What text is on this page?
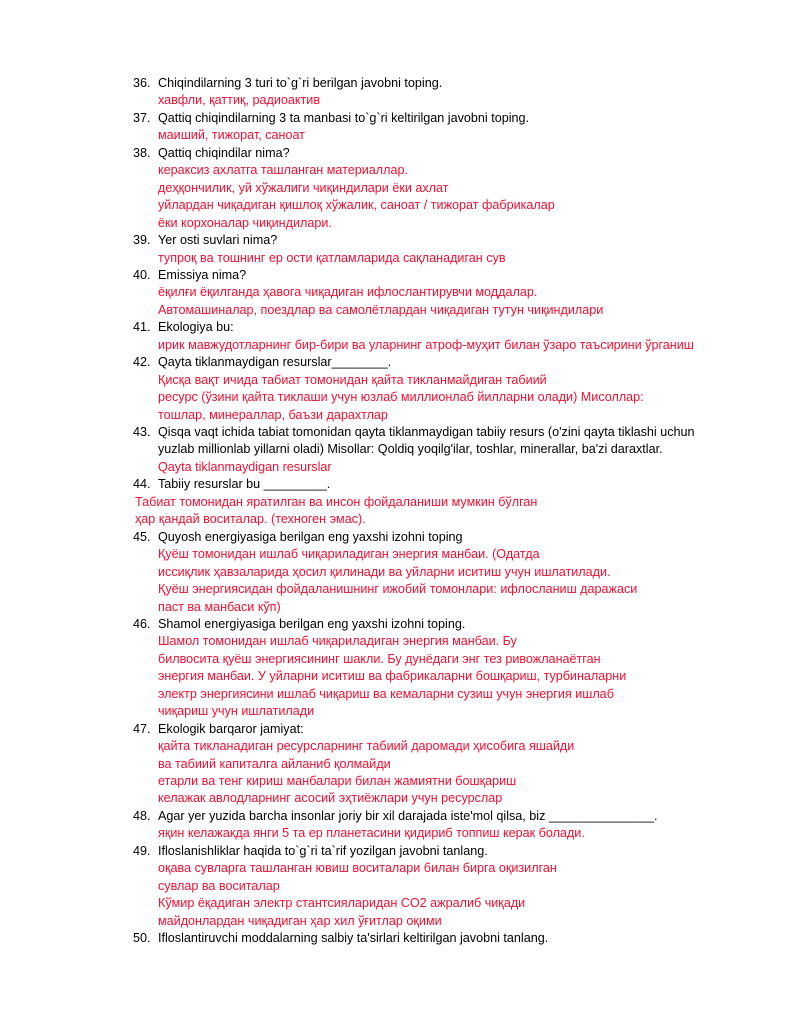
36. Chiqindilarning 3 turi to`g`ri berilgan javobni toping.
хавфли, қаттиқ, радиоактив
37. Qattiq chiqindilarning 3 ta manbasi to`g`ri keltirilgan javobni toping.
маиший, тижорат, саноат
38. Qattiq chiqindilar nima?
кераксиз ахлатга ташланган материаллар.
деҳқончилик, уй хўжалиги чиқиндилари ёки ахлат
уйлардан чиқадиган қишлоқ хўжалик, саноат / тижорат фабрикалар
ёки корхоналар чиқиндилари.
39. Yer osti suvlari nima?
тупроқ ва тошнинг ер ости қатламларида сақланадиган сув
40. Emissiya nima?
ёқилғи ёқилганда ҳавога чиқадиган ифлослантирувчи моддалар.
Автомашиналар, поездлар ва самолётлардан чиқадиган тутун чиқиндилари
41. Ekologiya bu:
ирик мавжудотларнинг бир-бири ва уларнинг атроф-муҳит билан ўзаро таъсирини ўрганиш
42. Qayta tiklanmaydigan resurslar________.
Қисқа вақт ичида табиат томонидан қайта тикланмайдиган табиий
ресурс (ўзини қайта тиклаши учун юзлаб миллионлаб йилларни олади) Мисоллар:
тошлар, минераллар, баъзи дарахтлар
43. Qisqa vaqt ichida tabiat tomonidan qayta tiklanmaydigan tabiiy resurs (o'zini qayta tiklashi uchun
yuzlab millionlab yillarni oladi) Misollar: Qoldiq yoqilg'ilar, toshlar, minerallar, ba'zi daraxtlar.
Qayta tiklanmaydigan resurslar
44. Tabiiy resurslar bu _________.
Табиат томонидан яратилган ва инсон фойдаланиши мумкин бўлган
ҳар қандай воситалар. (техноген эмас).
45. Quyosh energiyasiga berilgan eng yaxshi izohni toping
Қуёш томонидан ишлаб чиқариладиган энергия манбаи. (Одатда
иссиқлик ҳавзаларида ҳосил қилинади ва уйларни иситиш учун ишлатилади.
Қуёш энергиясидан фойдаланишнинг ижобий томонлари: ифлосланиш даражаси
паст ва манбаси кўп)
46. Shamol energiyasiga berilgan eng yaxshi izohni toping.
Шамол томонидан ишлаб чиқариладиган энергия манбаи. Бу
билвосита қуёш энергиясининг шакли. Бу дунёдаги энг тез ривожланаётган
энергия манбаи. У уйларни иситиш ва фабрикаларни бошқариш, турбиналарни
электр энергиясини ишлаб чиқариш ва кемаларни сузиш учун энергия ишлаб
чиқариш учун ишлатилади
47. Ekologik barqaror jamiyat:
қайта тикланадиган ресурсларнинг табиий даромади ҳисобига яшайди
ва табиий капиталга айланиб қолмайди
етарли ва тенг кириш манбалари билан жамиятни бошқариш
келажак авлодларнинг асосий эҳтиёжлари учун ресурслар
48. Agar yer yuzida barcha insonlar joriy bir xil darajada iste'mol qilsa, biz _______________.
яқин келажакда янги 5 та ер планетасини қидириб топпиш керак болади.
49. Ifloslanishliklar haqida to`g`ri ta`rif yozilgan javobni tanlang.
оқава сувларга ташланган ювиш воситалари билан бирга оқизилган
сувлар ва воситалар
Кўмир ёқадиган электр стантсияларидан CO2 ажралиб чиқади
майдонлардан чиқадиган ҳар хил ўғитлар оқими
50. Ifloslantiruvchi moddalarning salbiy ta'sirlari keltirilgan javobni tanlang.
